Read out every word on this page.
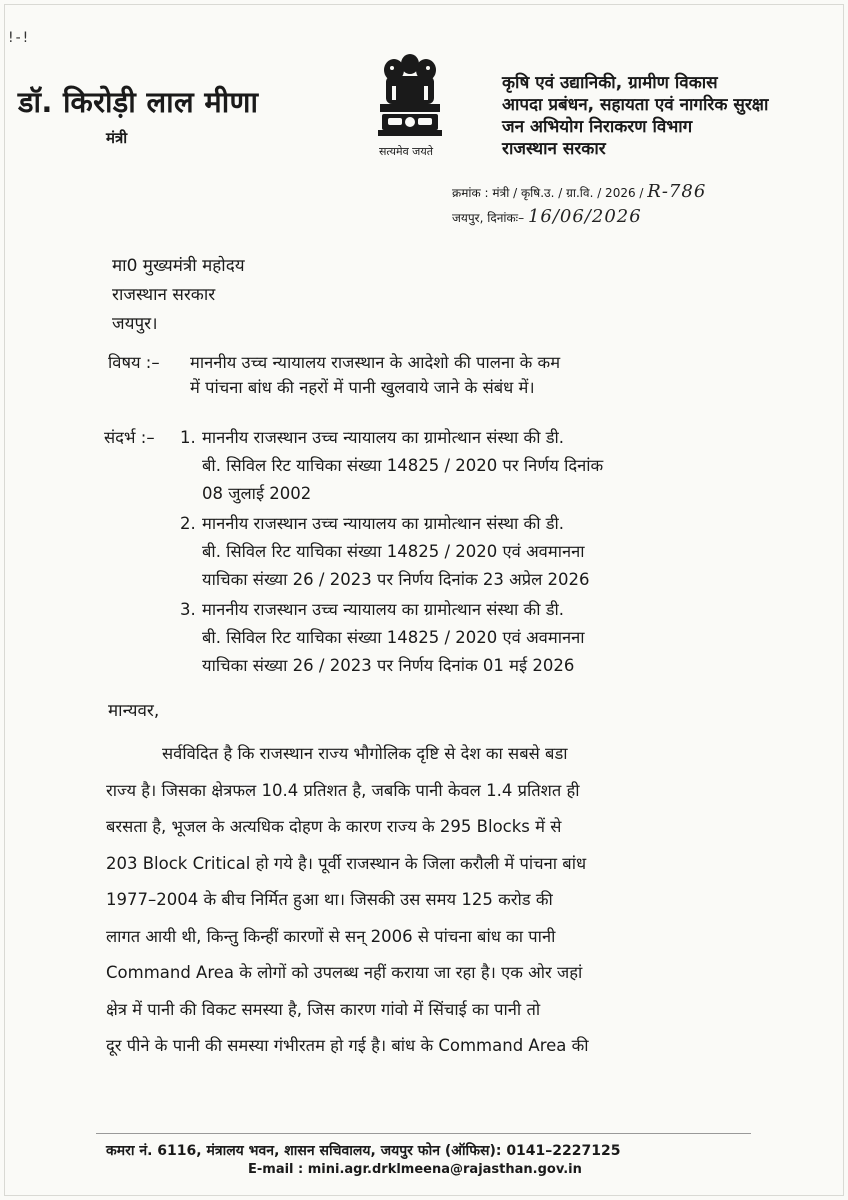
!-!
डॉ. किरोड़ी लाल मीणा
मंत्री
सत्यमेव जयते
कृषि एवं उद्यानिकी, ग्रामीण विकास
आपदा प्रबंधन, सहायता एवं नागरिक सुरक्षा
जन अभियोग निराकरण विभाग
राजस्थान सरकार
क्रमांक : मंत्री / कृषि.उ. / ग्रा.वि. / 2026 / R-786
जयपुर, दिनांकः– 16/06/2026
मा0 मुख्यमंत्री महोदय
राजस्थान सरकार
जयपुर।
विषय :– माननीय उच्च न्यायालय राजस्थान के आदेशो की पालना के कम
में पांचना बांध की नहरों में पानी खुलवाये जाने के संबंध में।
संदर्भ :– 1. माननीय राजस्थान उच्च न्यायालय का ग्रामोत्थान संस्था की डी.
बी. सिविल रिट याचिका संख्या 14825 / 2020 पर निर्णय दिनांक
08 जुलाई 2002
2. माननीय राजस्थान उच्च न्यायालय का ग्रामोत्थान संस्था की डी.
बी. सिविल रिट याचिका संख्या 14825 / 2020 एवं अवमानना
याचिका संख्या 26 / 2023 पर निर्णय दिनांक 23 अप्रेल 2026
3. माननीय राजस्थान उच्च न्यायालय का ग्रामोत्थान संस्था की डी.
बी. सिविल रिट याचिका संख्या 14825 / 2020 एवं अवमानना
याचिका संख्या 26 / 2023 पर निर्णय दिनांक 01 मई 2026
मान्यवर,
सर्वविदित है कि राजस्थान राज्य भौगोलिक दृष्टि से देश का सबसे बडा
राज्य है। जिसका क्षेत्रफल 10.4 प्रतिशत है, जबकि पानी केवल 1.4 प्रतिशत ही
बरसता है, भूजल के अत्यधिक दोहण के कारण राज्य के 295 Blocks में से
203 Block Critical हो गये है। पूर्वी राजस्थान के जिला करौली में पांचना बांध
1977–2004 के बीच निर्मित हुआ था। जिसकी उस समय 125 करोड की
लागत आयी थी, किन्तु किन्हीं कारणों से सन् 2006 से पांचना बांध का पानी
Command Area के लोगों को उपलब्ध नहीं कराया जा रहा है। एक ओर जहां
क्षेत्र में पानी की विकट समस्या है, जिस कारण गांवो में सिंचाई का पानी तो
दूर पीने के पानी की समस्या गंभीरतम हो गई है। बांध के Command Area की
कमरा नं. 6116, मंत्रालय भवन, शासन सचिवालय, जयपुर फोन (ऑफिस): 0141–2227125
E-mail : mini.agr.drklmeena@rajasthan.gov.in
